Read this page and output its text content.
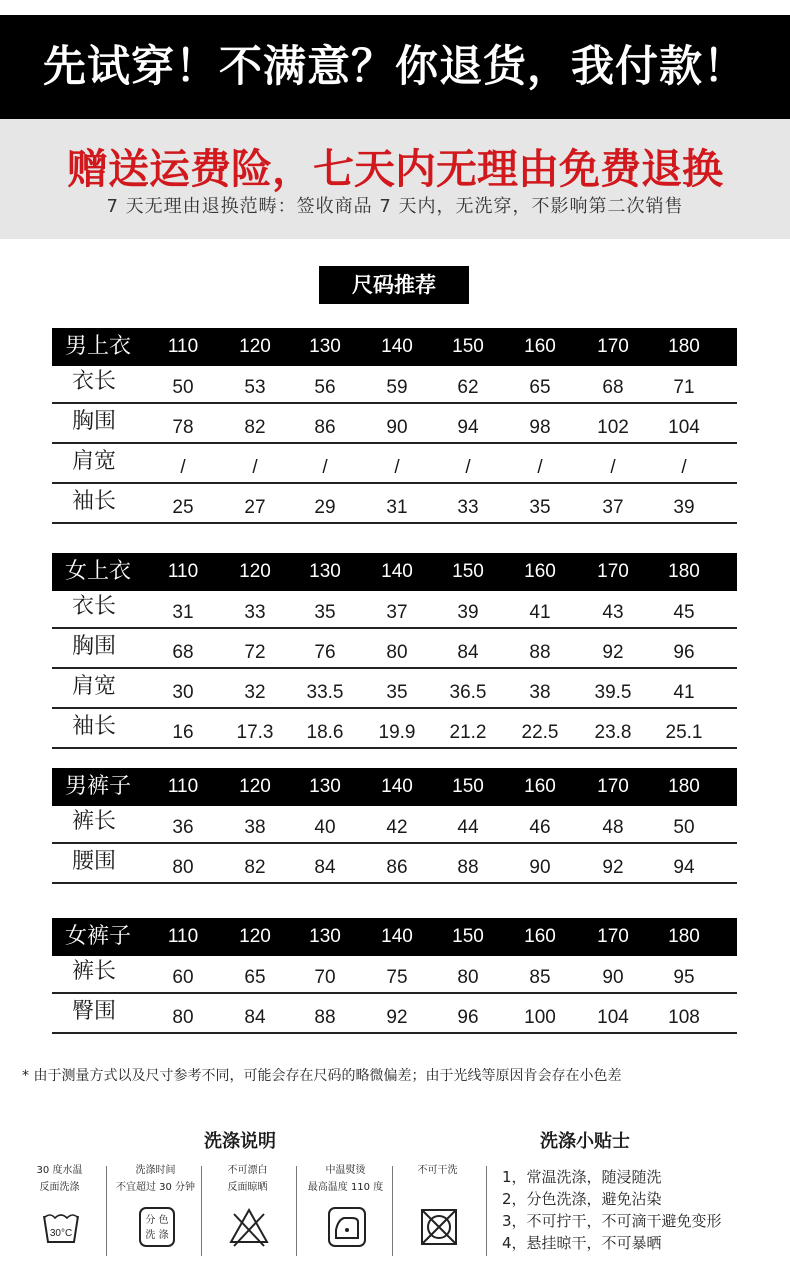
先试穿！不满意？你退货，我付款！
赠送运费险，七天内无理由免费退换
7 天无理由退换范畴：签收商品 7 天内，无洗穿，不影响第二次销售
尺码推荐
男上衣	110	120	130	140	150	160	170	180
衣长	50	53	56	59	62	65	68	71
胸围	78	82	86	90	94	98	102	104
肩宽	/	/	/	/	/	/	/	/
袖长	25	27	29	31	33	35	37	39
女上衣	110	120	130	140	150	160	170	180
衣长	31	33	35	37	39	41	43	45
胸围	68	72	76	80	84	88	92	96
肩宽	30	32	33.5	35	36.5	38	39.5	41
袖长	16	17.3	18.6	19.9	21.2	22.5	23.8	25.1
男裤子	110	120	130	140	150	160	170	180
裤长	36	38	40	42	44	46	48	50
腰围	80	82	84	86	88	90	92	94
女裤子	110	120	130	140	150	160	170	180
裤长	60	65	70	75	80	85	90	95
臀围	80	84	88	92	96	100	104	108
* 由于测量方式以及尺寸参考不同，可能会存在尺码的略微偏差；由于光线等原因肯会存在小色差
洗涤说明	洗涤小贴士
30 度水温
反面洗涤
30°C
洗涤时间
不宜超过 30 分钟
分 色
洗 涤
不可漂白
反面晾晒
中温熨烫
最高温度 110 度
不可干洗	1，常温洗涤，随浸随洗
2，分色洗涤，避免沾染
3，不可拧干，不可滴干避免变形
4，悬挂晾干，不可暴晒
